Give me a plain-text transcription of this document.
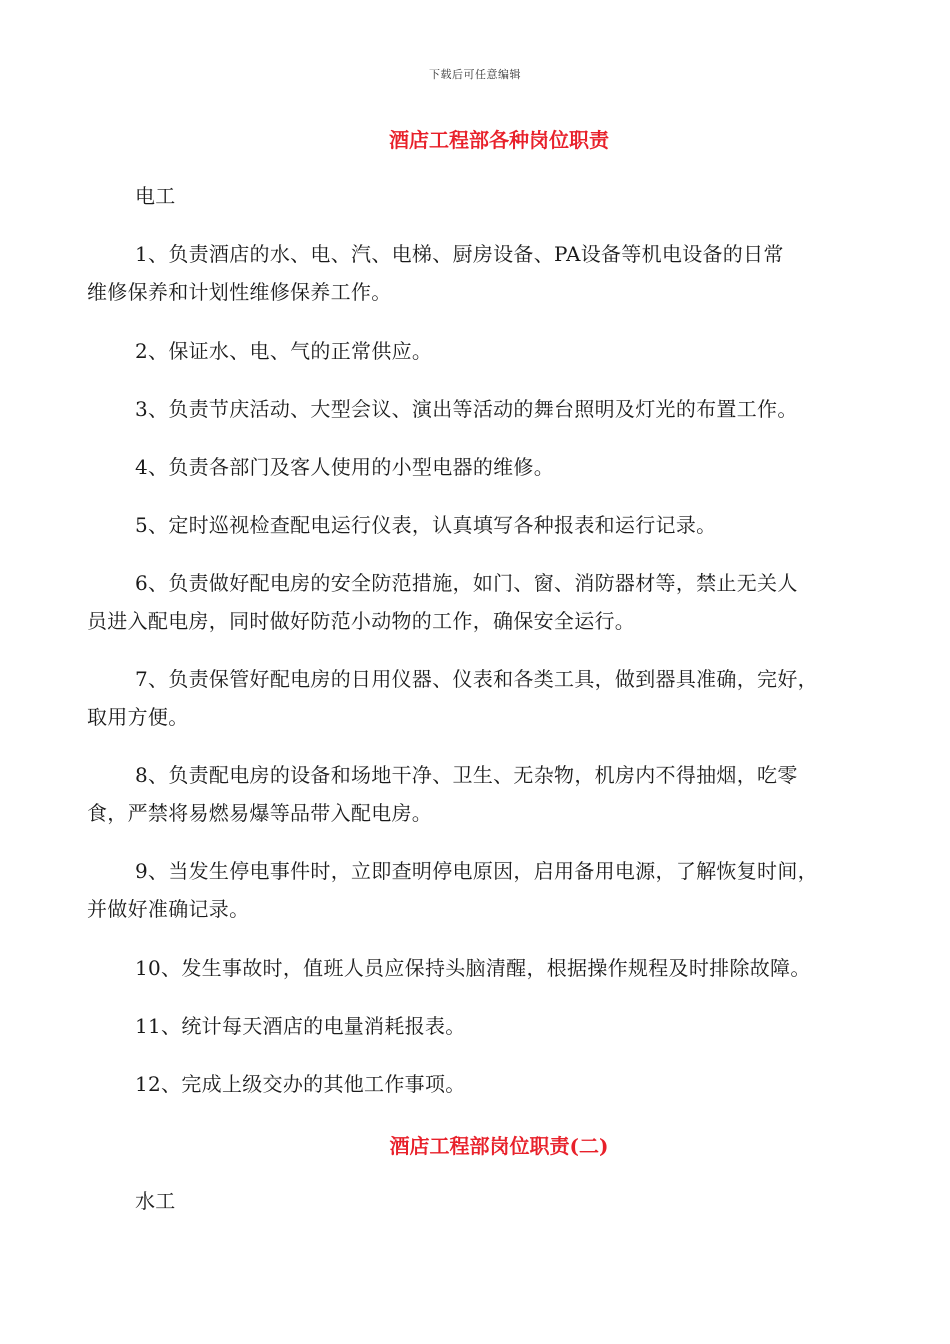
下载后可任意编辑
酒店工程部各种岗位职责
电工
1、负责酒店的水、电、汽、电梯、厨房设备、PA设备等机电设备的日常
维修保养和计划性维修保养工作。
2、保证水、电、气的正常供应。
3、负责节庆活动、大型会议、演出等活动的舞台照明及灯光的布置工作。
4、负责各部门及客人使用的小型电器的维修。
5、定时巡视检查配电运行仪表，认真填写各种报表和运行记录。
6、负责做好配电房的安全防范措施，如门、窗、消防器材等，禁止无关人
员进入配电房，同时做好防范小动物的工作，确保安全运行。
7、负责保管好配电房的日用仪器、仪表和各类工具，做到器具准确，完好，
取用方便。
8、负责配电房的设备和场地干净、卫生、无杂物，机房内不得抽烟，吃零
食，严禁将易燃易爆等品带入配电房。
9、当发生停电事件时，立即查明停电原因，启用备用电源，了解恢复时间，
并做好准确记录。
10、发生事故时，值班人员应保持头脑清醒，根据操作规程及时排除故障。
11、统计每天酒店的电量消耗报表。
12、完成上级交办的其他工作事项。
酒店工程部岗位职责(二)
水工
